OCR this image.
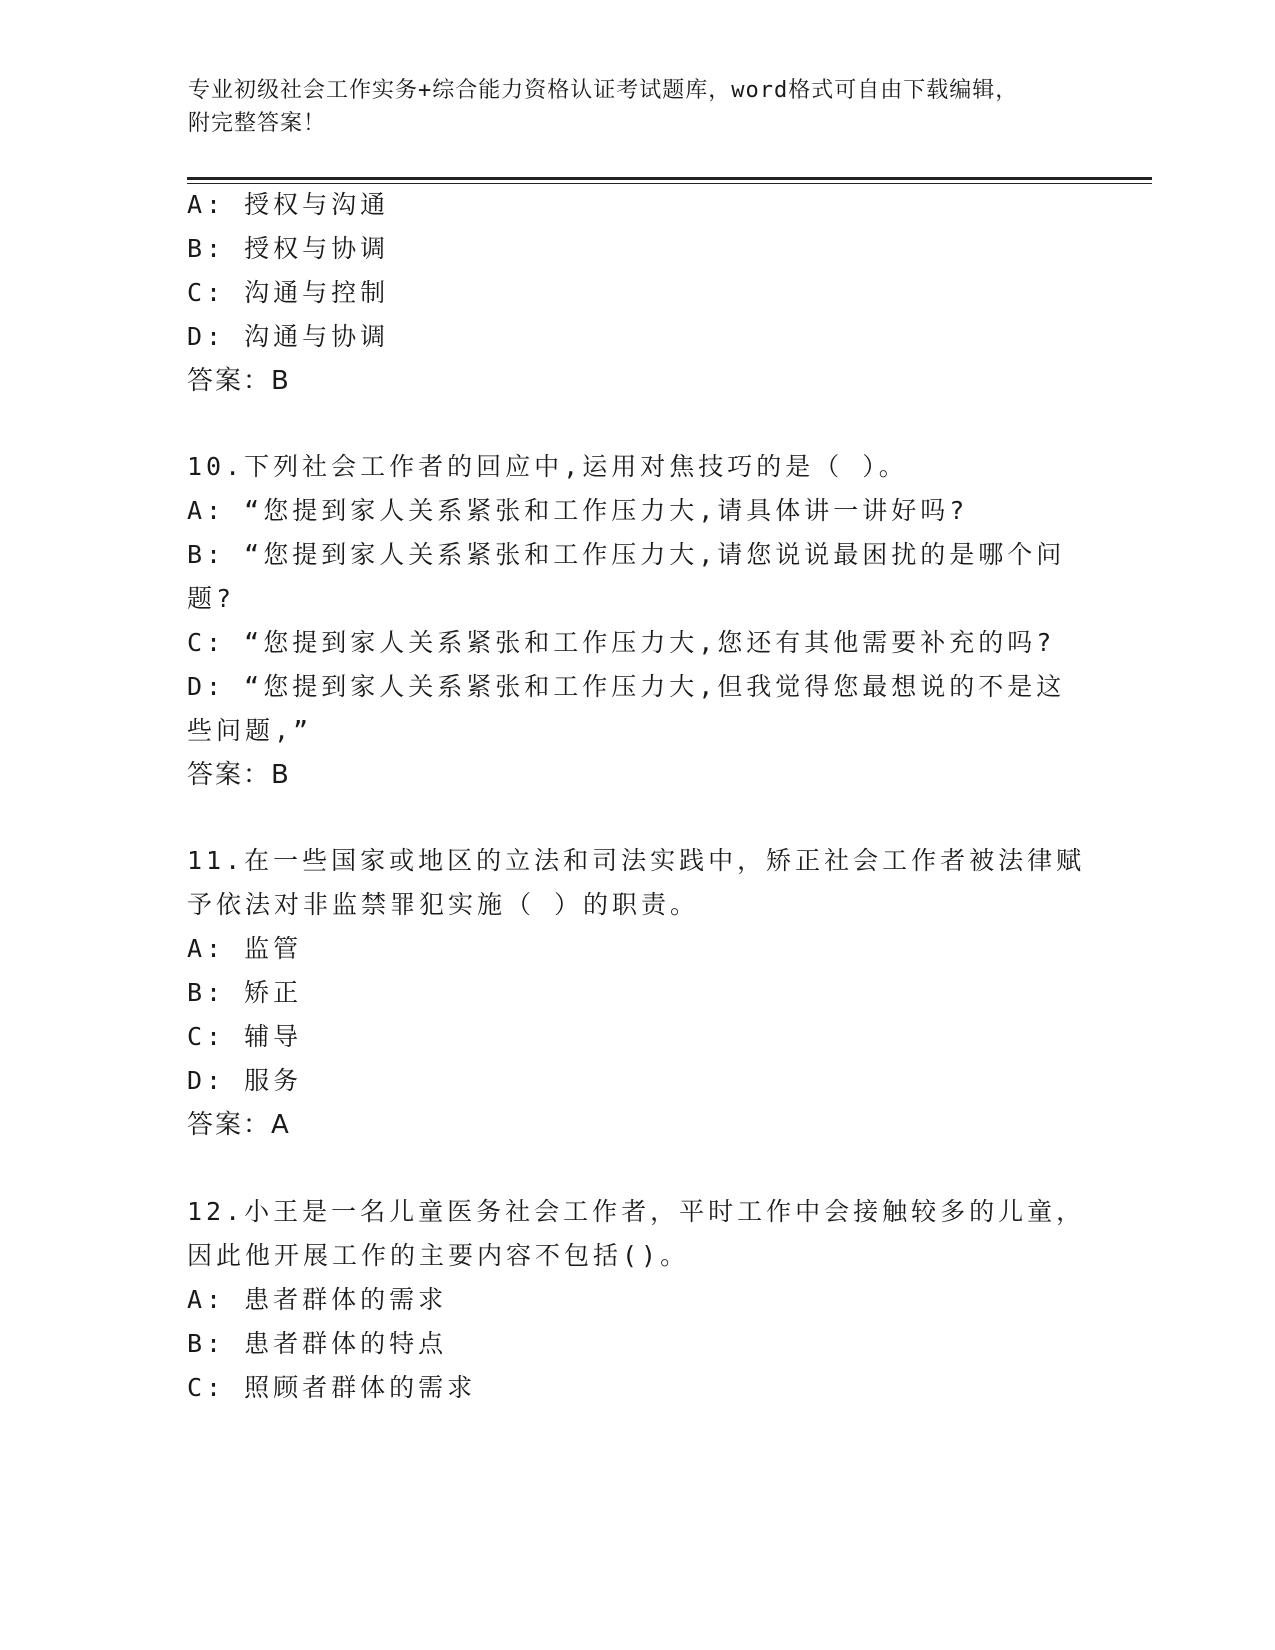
专业初级社会工作实务+综合能力资格认证考试题库，word格式可自由下载编辑，
附完整答案！
A: 授权与沟通
B: 授权与协调
C: 沟通与控制
D: 沟通与协调
答案：B
10.下列社会工作者的回应中,运用对焦技巧的是（ ）。
A: “您提到家人关系紧张和工作压力大,请具体讲一讲好吗?
B: “您提到家人关系紧张和工作压力大,请您说说最困扰的是哪个问
题?
C: “您提到家人关系紧张和工作压力大,您还有其他需要补充的吗?
D: “您提到家人关系紧张和工作压力大,但我觉得您最想说的不是这
些问题,”
答案：B
11.在一些国家或地区的立法和司法实践中，矫正社会工作者被法律赋
予依法对非监禁罪犯实施（ ）的职责。
A: 监管
B: 矫正
C: 辅导
D: 服务
答案：A
12.小王是一名儿童医务社会工作者，平时工作中会接触较多的儿童，
因此他开展工作的主要内容不包括()。
A: 患者群体的需求
B: 患者群体的特点
C: 照顾者群体的需求
